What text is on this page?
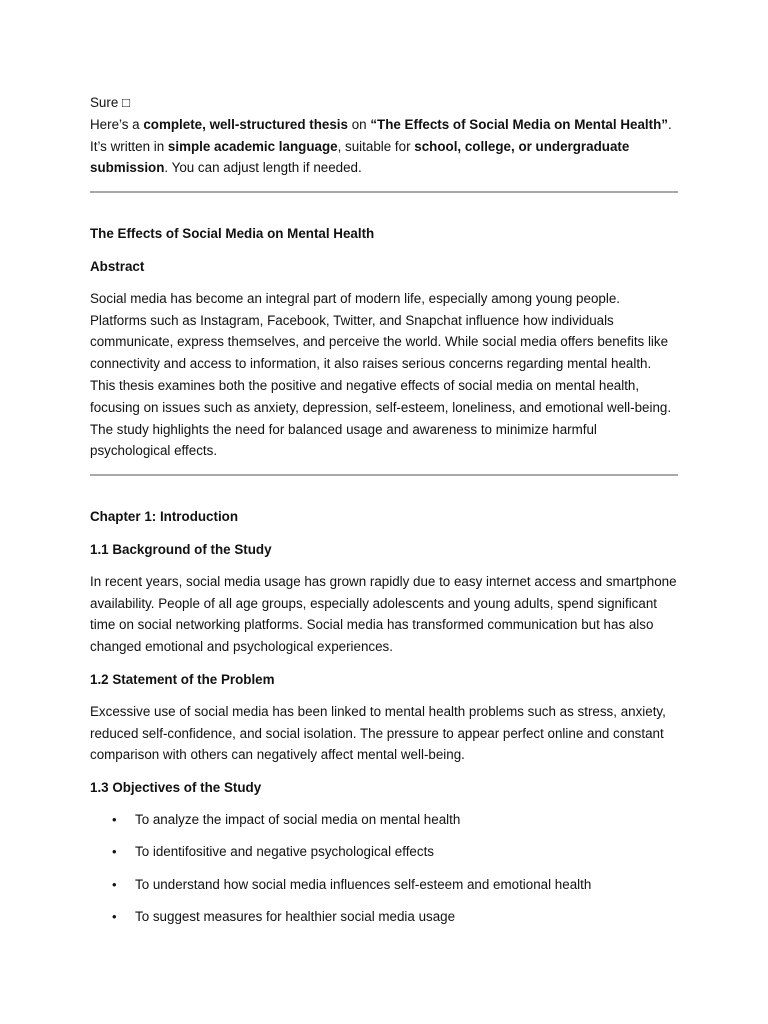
Sure □

Here’s a complete, well-structured thesis on “The Effects of Social Media on Mental Health”.

It’s written in simple academic language, suitable for school, college, or undergraduate submission. You can adjust length if needed.

The Effects of Social Media on Mental Health

Abstract

Social media has become an integral part of modern life, especially among young people. Platforms such as Instagram, Facebook, Twitter, and Snapchat influence how individuals communicate, express themselves, and perceive the world. While social media offers benefits like connectivity and access to information, it also raises serious concerns regarding mental health. This thesis examines both the positive and negative effects of social media on mental health, focusing on issues such as anxiety, depression, self-esteem, loneliness, and emotional well-being. The study highlights the need for balanced usage and awareness to minimize harmful psychological effects.

Chapter 1: Introduction

1.1 Background of the Study

In recent years, social media usage has grown rapidly due to easy internet access and smartphone availability. People of all age groups, especially adolescents and young adults, spend significant time on social networking platforms. Social media has transformed communication but has also changed emotional and psychological experiences.

1.2 Statement of the Problem

Excessive use of social media has been linked to mental health problems such as stress, anxiety, reduced self-confidence, and social isolation. The pressure to appear perfect online and constant comparison with others can negatively affect mental well-being.

1.3 Objectives of the Study

• To analyze the impact of social media on mental health
• To identifositive and negative psychological effects
• To understand how social media influences self-esteem and emotional health
• To suggest measures for healthier social media usage
